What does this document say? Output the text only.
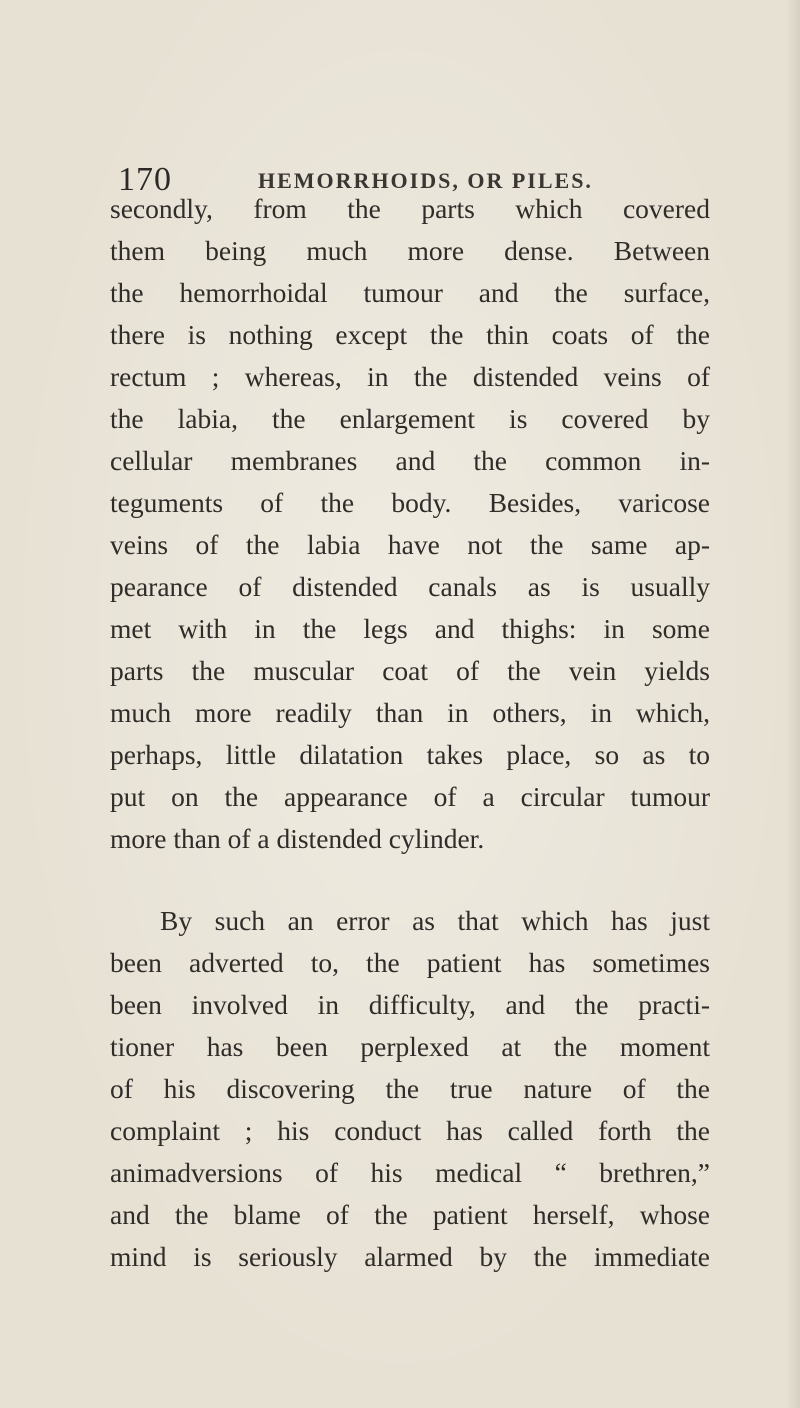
170	HEMORRHOIDS, OR PILES.
secondly, from the parts which covered
them being much more dense. Between
the hemorrhoidal tumour and the surface,
there is nothing except the thin coats of the
rectum ; whereas, in the distended veins of
the labia, the enlargement is covered by
cellular membranes and the common in-
teguments of the body. Besides, varicose
veins of the labia have not the same ap-
pearance of distended canals as is usually
met with in the legs and thighs: in some
parts the muscular coat of the vein yields
much more readily than in others, in which,
perhaps, little dilatation takes place, so as to
put on the appearance of a circular tumour
more than of a distended cylinder.
By such an error as that which has just
been adverted to, the patient has sometimes
been involved in difficulty, and the practi-
tioner has been perplexed at the moment
of his discovering the true nature of the
complaint ; his conduct has called forth the
animadversions of his medical “ brethren,”
and the blame of the patient herself, whose
mind is seriously alarmed by the immediate
